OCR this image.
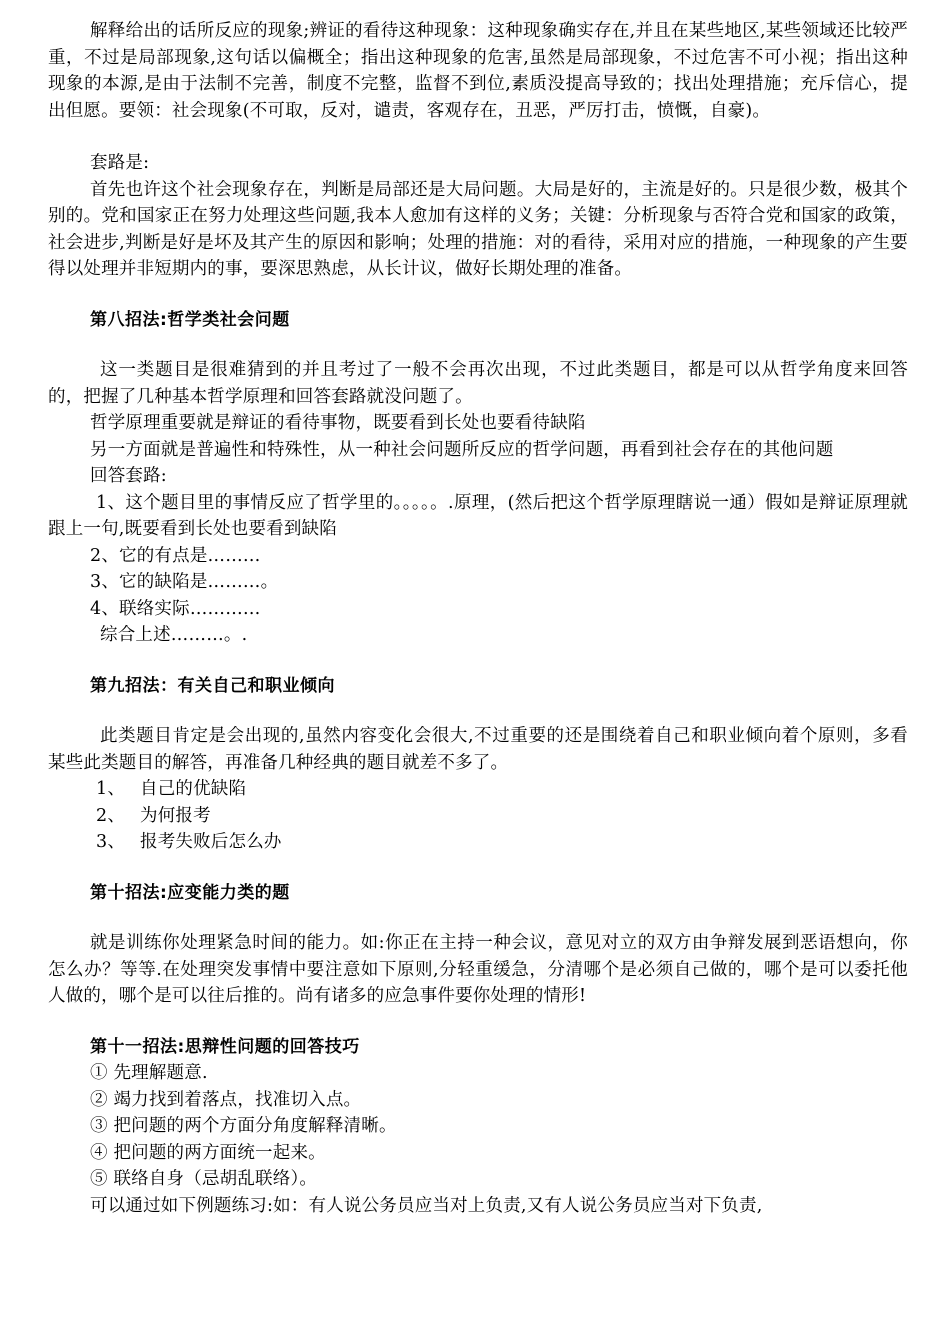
解释给出的话所反应的现象;辨证的看待这种现象：这种现象确实存在,并且在某些地区,某些领域还比较严重，不过是局部现象,这句话以偏概全；指出这种现象的危害,虽然是局部现象，不过危害不可小视；指出这种现象的本源,是由于法制不完善，制度不完整，监督不到位,素质没提高导致的；找出处理措施；充斥信心，提出但愿。要领：社会现象(不可取，反对，谴责，客观存在，丑恶，严厉打击，愤慨，自豪)。

套路是:

首先也许这个社会现象存在，判断是局部还是大局问题。大局是好的，主流是好的。只是很少数，极其个别的。党和国家正在努力处理这些问题,我本人愈加有这样的义务；关键：分析现象与否符合党和国家的政策，社会进步,判断是好是坏及其产生的原因和影响；处理的措施：对的看待，采用对应的措施，一种现象的产生要得以处理并非短期内的事，要深思熟虑，从长计议，做好长期处理的准备。

第八招法:哲学类社会问题

这一类题目是很难猜到的并且考过了一般不会再次出现，不过此类题目，都是可以从哲学角度来回答的，把握了几种基本哲学原理和回答套路就没问题了。

哲学原理重要就是辩证的看待事物，既要看到长处也要看待缺陷

另一方面就是普遍性和特殊性，从一种社会问题所反应的哲学问题，再看到社会存在的其他问题

回答套路:

1、这个题目里的事情反应了哲学里的。。。。。.原理，(然后把这个哲学原理瞎说一通）假如是辩证原理就跟上一句,既要看到长处也要看到缺陷

2、它的有点是………

3、它的缺陷是………。

4、联络实际…………

综合上述………。.

第九招法：有关自己和职业倾向

此类题目肯定是会出现的,虽然内容变化会很大,不过重要的还是围绕着自己和职业倾向着个原则，多看某些此类题目的解答，再准备几种经典的题目就差不多了。

1、 自己的优缺陷

2、 为何报考

3、 报考失败后怎么办

第十招法:应变能力类的题

就是训练你处理紧急时间的能力。如:你正在主持一种会议，意见对立的双方由争辩发展到恶语想向，你怎么办？等等.在处理突发事情中要注意如下原则,分轻重缓急，分清哪个是必须自己做的，哪个是可以委托他人做的，哪个是可以往后推的。尚有诸多的应急事件要你处理的情形!

第十一招法:思辩性问题的回答技巧

① 先理解题意.

② 竭力找到着落点，找准切入点。

③ 把问题的两个方面分角度解释清晰。

④ 把问题的两方面统一起来。

⑤ 联络自身（忌胡乱联络）。

可以通过如下例题练习:如：有人说公务员应当对上负责,又有人说公务员应当对下负责,
